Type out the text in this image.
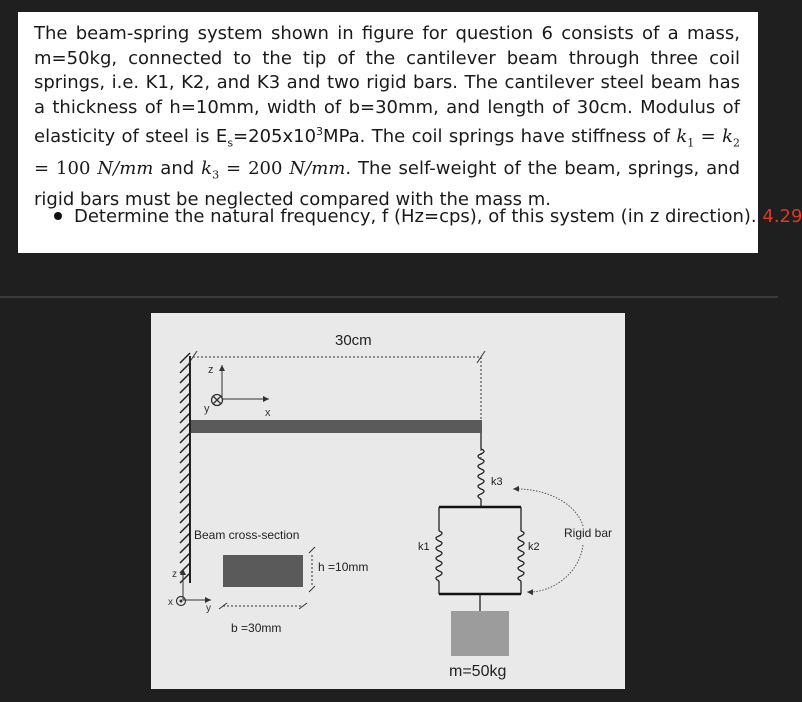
The beam-spring system shown in figure for question 6 consists of a mass, m=50kg, connected to the tip of the cantilever beam through three coil springs, i.e. K1, K2, and K3 and two rigid bars. The cantilever steel beam has a thickness of h=10mm, width of b=30mm, and length of 30cm. Modulus of elasticity of steel is $E_s=205x10^3MPa$. The coil springs have stiffness of $k_1 = k_2 = 100$ N/mm and $k_3 = 200$ N/mm. The self-weight of the beam, springs, and rigid bars must be neglected compared with the mass m.
Determine the natural frequency, f (Hz=cps), of this system (in z direction). 4.29
30cm
z
y	x
k3
k1	k2
m=50kg
Rigid bar
Beam cross-section
h =10mm
b =30mm
z
x
y
